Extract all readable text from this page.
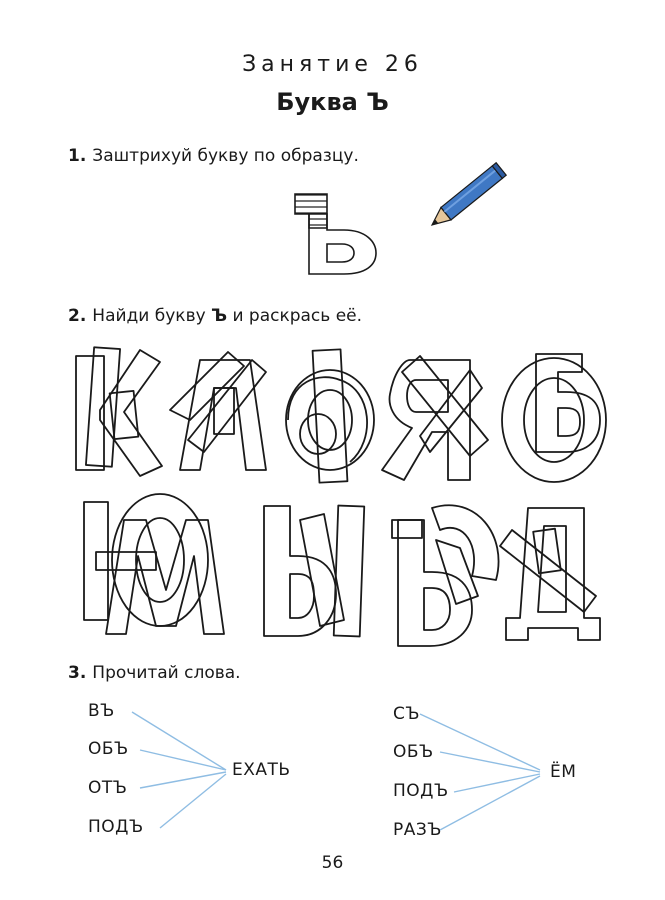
Занятие 26
Буква Ъ
1. Заштрихуй букву по образцу.
2. Найди букву Ъ и раскрась её.
3. Прочитай слова.
ВЪ
ОБЪ
ОТЪ
ПОДЪ
ЕХАТЬ
СЪ
ОБЪ
ПОДЪ
РАЗЪ
ЁМ
56
